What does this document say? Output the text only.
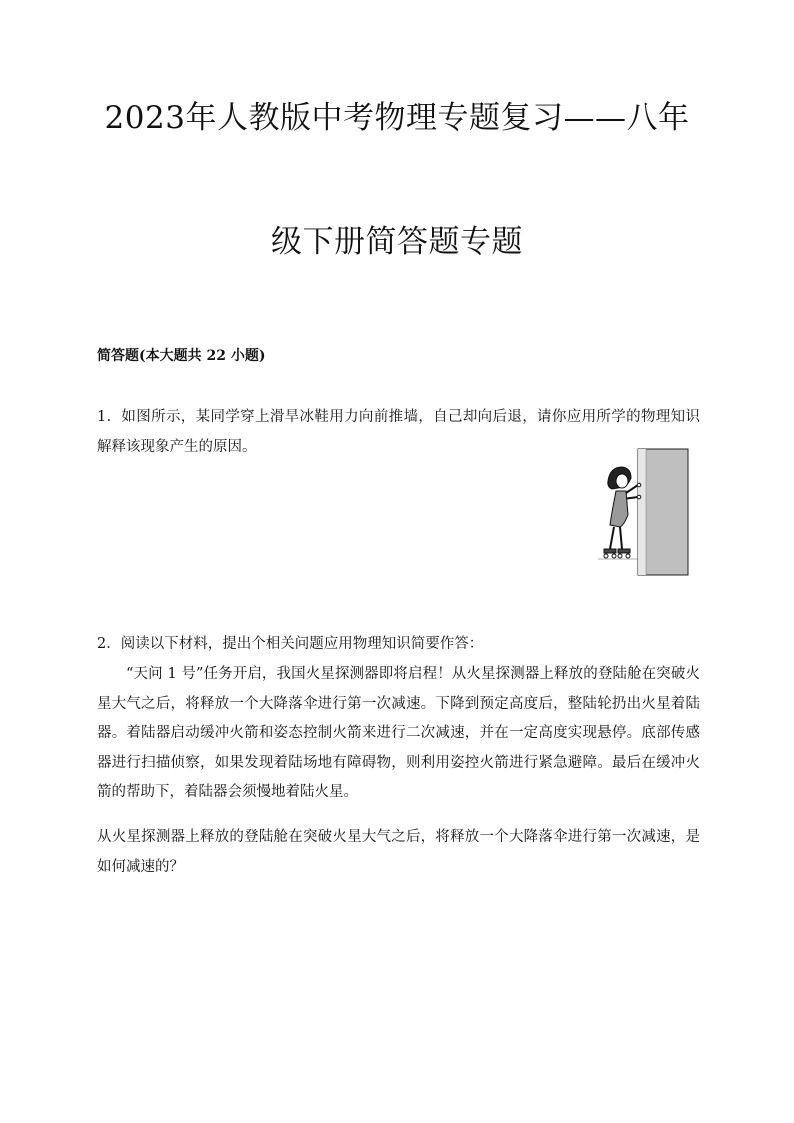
2023年人教版中考物理专题复习——八年
级下册简答题专题
简答题(本大题共 22 小题)

1．如图所示，某同学穿上滑旱冰鞋用力向前推墙，自己却向后退，请你应用所学的物理知识解释该现象产生的原因。

2．阅读以下材料，提出个相关问题应用物理知识简要作答：

“天问 1 号”任务开启，我国火星探测器即将启程！从火星探测器上释放的登陆舱在突破火星大气之后，将释放一个大降落伞进行第一次减速。下降到预定高度后，整陆轮扔出火星着陆器。着陆器启动缓冲火箭和姿态控制火箭来进行二次减速，并在一定高度实现悬停。底部传感器进行扫描侦察，如果发现着陆场地有障碍物，则利用姿控火箭进行紧急避障。最后在缓冲火箭的帮助下，着陆器会须慢地着陆火星。

从火星探测器上释放的登陆舱在突破火星大气之后，将释放一个大降落伞进行第一次减速，是如何减速的？
